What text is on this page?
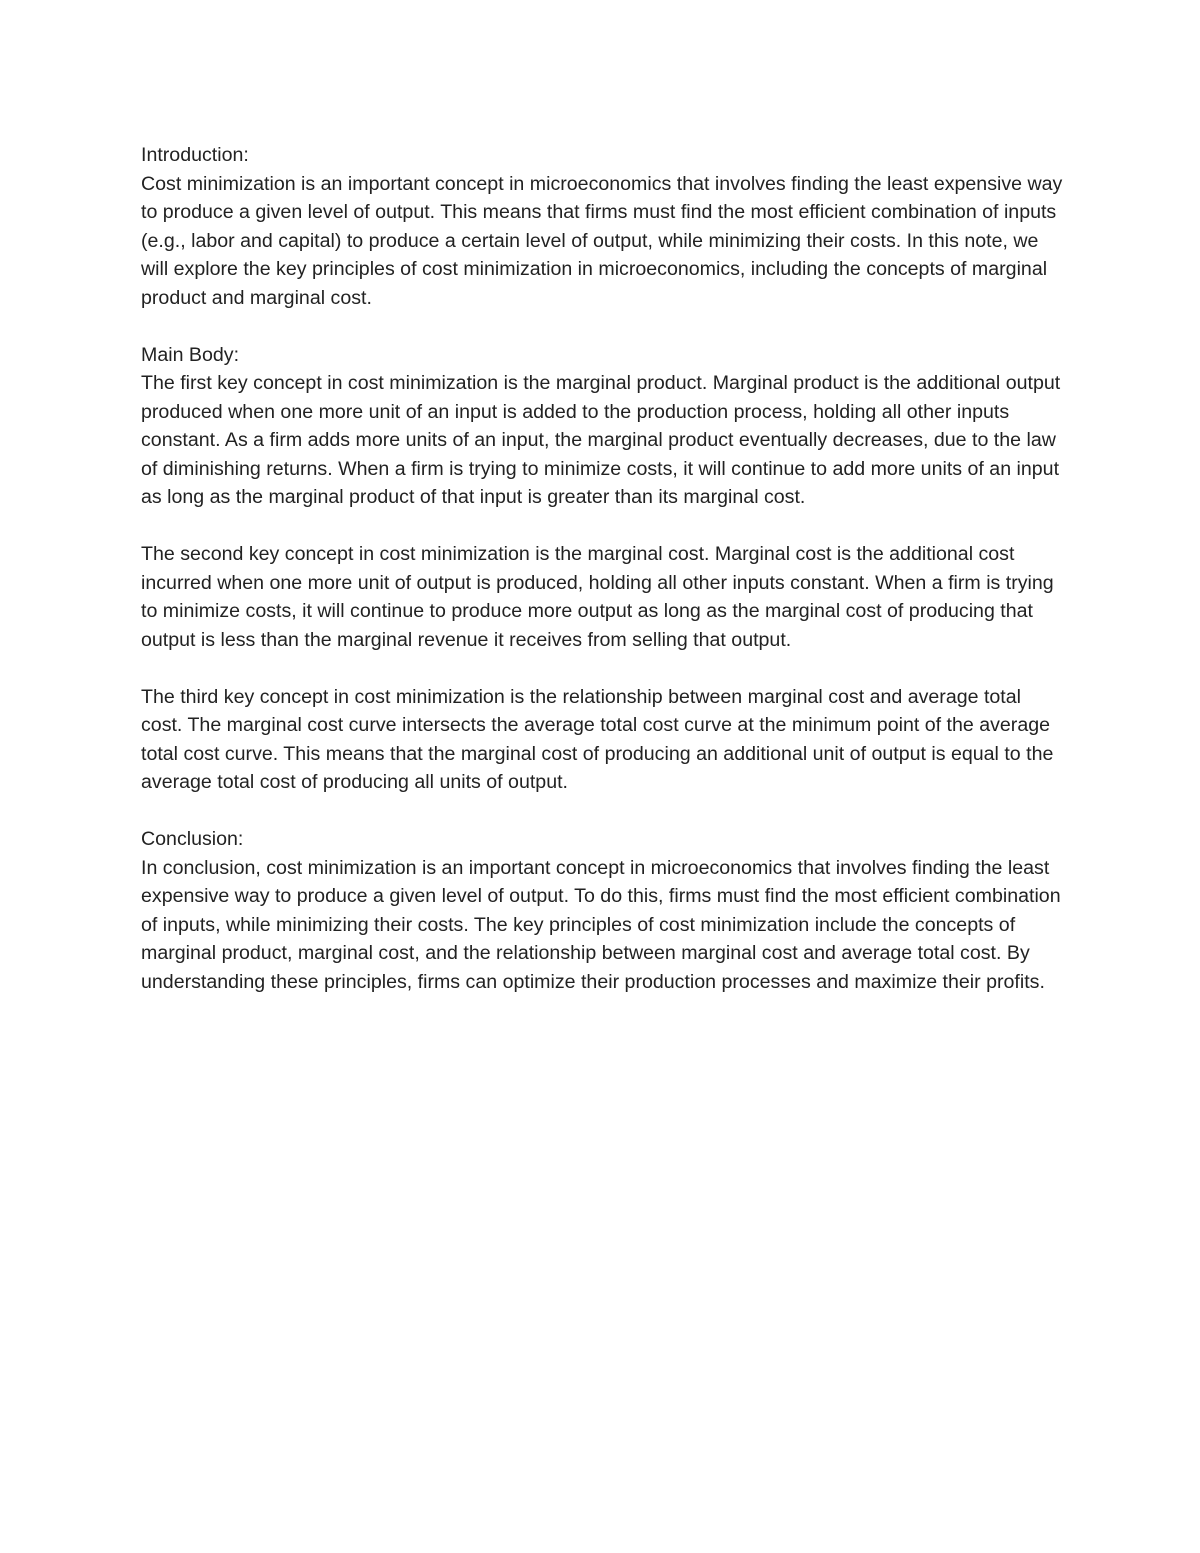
Introduction:
Cost minimization is an important concept in microeconomics that involves finding the least expensive way to produce a given level of output. This means that firms must find the most efficient combination of inputs (e.g., labor and capital) to produce a certain level of output, while minimizing their costs. In this note, we will explore the key principles of cost minimization in microeconomics, including the concepts of marginal product and marginal cost.
Main Body:
The first key concept in cost minimization is the marginal product. Marginal product is the additional output produced when one more unit of an input is added to the production process, holding all other inputs constant. As a firm adds more units of an input, the marginal product eventually decreases, due to the law of diminishing returns. When a firm is trying to minimize costs, it will continue to add more units of an input as long as the marginal product of that input is greater than its marginal cost.
The second key concept in cost minimization is the marginal cost. Marginal cost is the additional cost incurred when one more unit of output is produced, holding all other inputs constant. When a firm is trying to minimize costs, it will continue to produce more output as long as the marginal cost of producing that output is less than the marginal revenue it receives from selling that output.
The third key concept in cost minimization is the relationship between marginal cost and average total cost. The marginal cost curve intersects the average total cost curve at the minimum point of the average total cost curve. This means that the marginal cost of producing an additional unit of output is equal to the average total cost of producing all units of output.
Conclusion:
In conclusion, cost minimization is an important concept in microeconomics that involves finding the least expensive way to produce a given level of output. To do this, firms must find the most efficient combination of inputs, while minimizing their costs. The key principles of cost minimization include the concepts of marginal product, marginal cost, and the relationship between marginal cost and average total cost. By understanding these principles, firms can optimize their production processes and maximize their profits.
